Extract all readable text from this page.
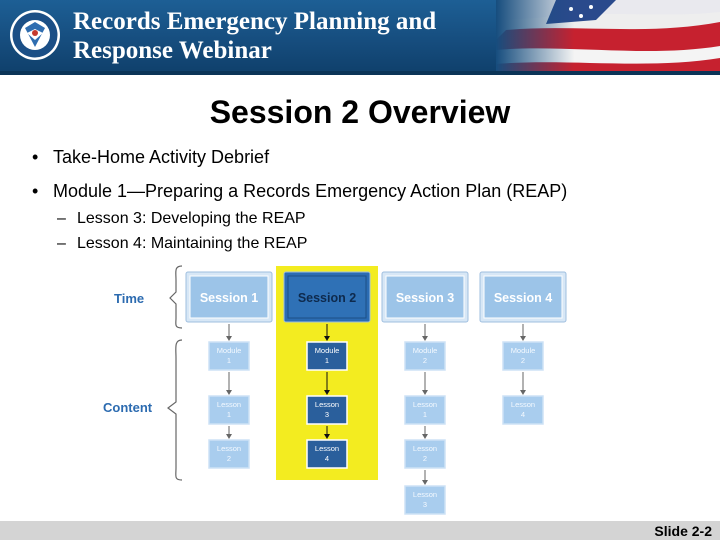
Records Emergency Planning and
Response Webinar
Session 2 Overview
• Take-Home Activity Debrief
• Module 1—Preparing a Records Emergency Action Plan (REAP)
– Lesson 3: Developing the REAP
– Lesson 4: Maintaining the REAP
Time
Content
Session 1
Module
1
Lesson
1
Lesson
2
Session 2
Module
1
Lesson
3
Lesson
4
Session 3
Module
2
Lesson
1
Lesson
2
Lesson
3
Session 4
Module
2
Lesson
4
Slide 2-2
